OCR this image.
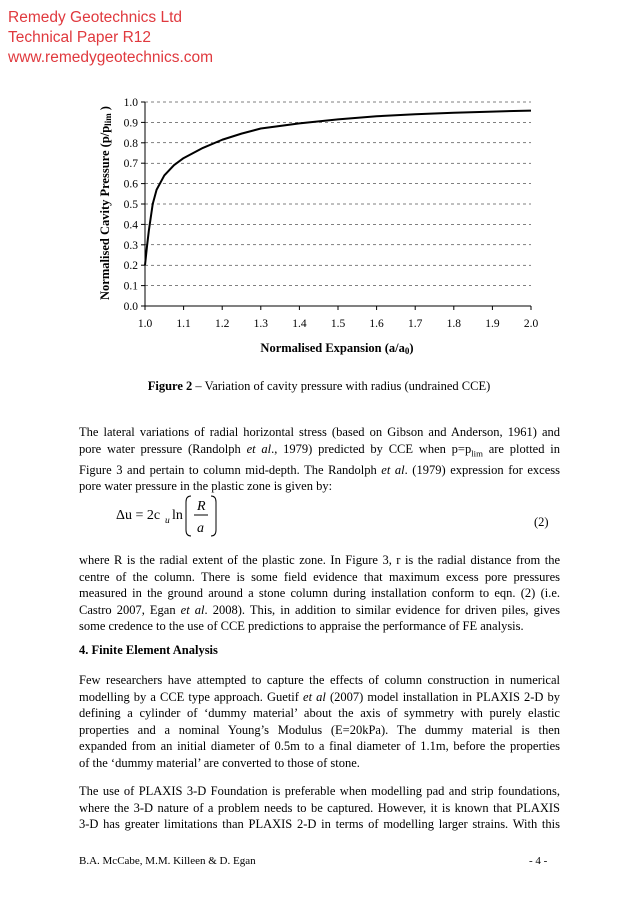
Remedy Geotechnics Ltd
Technical Paper R12
www.remedygeotechnics.com
0.0
0.1
0.2
0.3
0.4
0.5
0.6
0.7
0.8
0.9
1.0
1.0 1.1 1.2 1.3 1.4 1.5 1.6 1.7 1.8 1.9 2.0
Normalised Expansion (a/a0)
Normalised Cavity Pressure (p/plim )
Figure 2 – Variation of cavity pressure with radius (undrained CCE)
The lateral variations of radial horizontal stress (based on Gibson and Anderson, 1961) and
pore water pressure (Randolph et al., 1979) predicted by CCE when $p=p_{lim}$ are plotted in
Figure 3 and pertain to column mid-depth. The Randolph et al. (1979) expression for excess
pore water pressure in the plastic zone is given by:
Δu = 2c u ln
R
a	(2)
where R is the radial extent of the plastic zone. In Figure 3, r is the radial distance from the
centre of the column. There is some field evidence that maximum excess pore pressures
measured in the ground around a stone column during installation conform to eqn. (2) (i.e.
Castro 2007, Egan et al. 2008). This, in addition to similar evidence for driven piles, gives
some credence to the use of CCE predictions to appraise the performance of FE analysis.
4. Finite Element Analysis
Few researchers have attempted to capture the effects of column construction in numerical
modelling by a CCE type approach. Guetif et al (2007) model installation in PLAXIS 2-D by
defining a cylinder of ‘dummy material’ about the axis of symmetry with purely elastic
properties and a nominal Young’s Modulus (E=20kPa). The dummy material is then
expanded from an initial diameter of 0.5m to a final diameter of 1.1m, before the properties
of the ‘dummy material’ are converted to those of stone.
The use of PLAXIS 3-D Foundation is preferable when modelling pad and strip foundations,
where the 3-D nature of a problem needs to be captured. However, it is known that PLAXIS
3-D has greater limitations than PLAXIS 2-D in terms of modelling larger strains. With this
B.A. McCabe, M.M. Killeen & D. Egan	- 4 -
